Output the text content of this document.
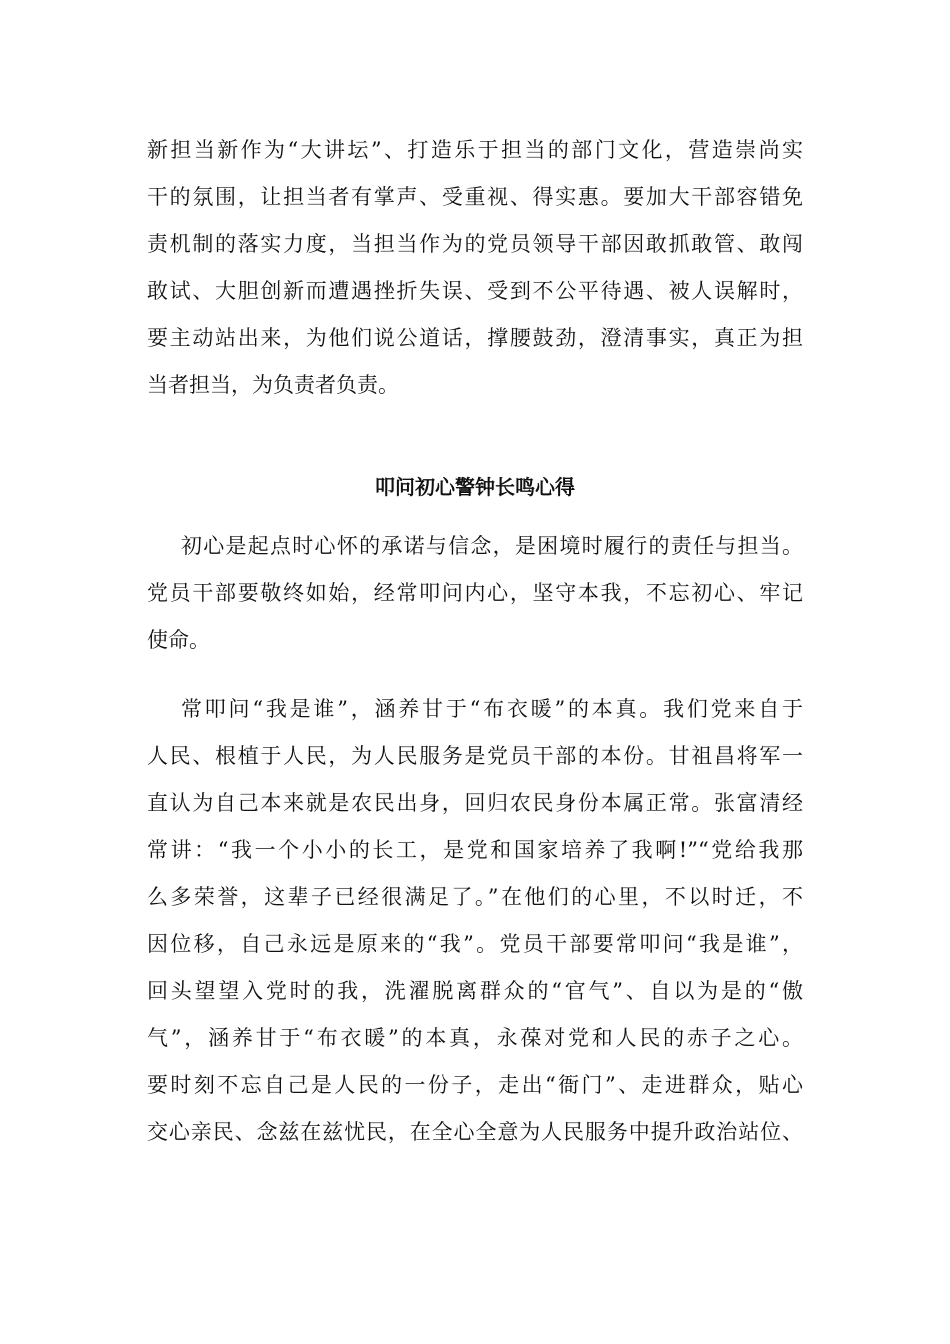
新担当新作为“大讲坛”、打造乐于担当的部门文化，营造崇尚实
干的氛围，让担当者有掌声、受重视、得实惠。要加大干部容错免
责机制的落实力度，当担当作为的党员领导干部因敢抓敢管、敢闯
敢试、大胆创新而遭遇挫折失误、受到不公平待遇、被人误解时，
要主动站出来，为他们说公道话，撑腰鼓劲，澄清事实，真正为担
当者担当，为负责者负责。
叩问初心警钟长鸣心得
初心是起点时心怀的承诺与信念，是困境时履行的责任与担当。
党员干部要敬终如始，经常叩问内心，坚守本我，不忘初心、牢记
使命。
常叩问“我是谁”，涵养甘于“布衣暖”的本真。我们党来自于
人民、根植于人民，为人民服务是党员干部的本份。甘祖昌将军一
直认为自己本来就是农民出身，回归农民身份本属正常。张富清经
常讲：“我一个小小的长工，是党和国家培养了我啊!”“党给我那
么多荣誉，这辈子已经很满足了。”在他们的心里，不以时迁，不
因位移，自己永远是原来的“我”。党员干部要常叩问“我是谁”，
回头望望入党时的我，洗濯脱离群众的“官气”、自以为是的“傲
气”，涵养甘于“布衣暖”的本真，永葆对党和人民的赤子之心。
要时刻不忘自己是人民的一份子，走出“衙门”、走进群众，贴心
交心亲民、念兹在兹忧民，在全心全意为人民服务中提升政治站位、
